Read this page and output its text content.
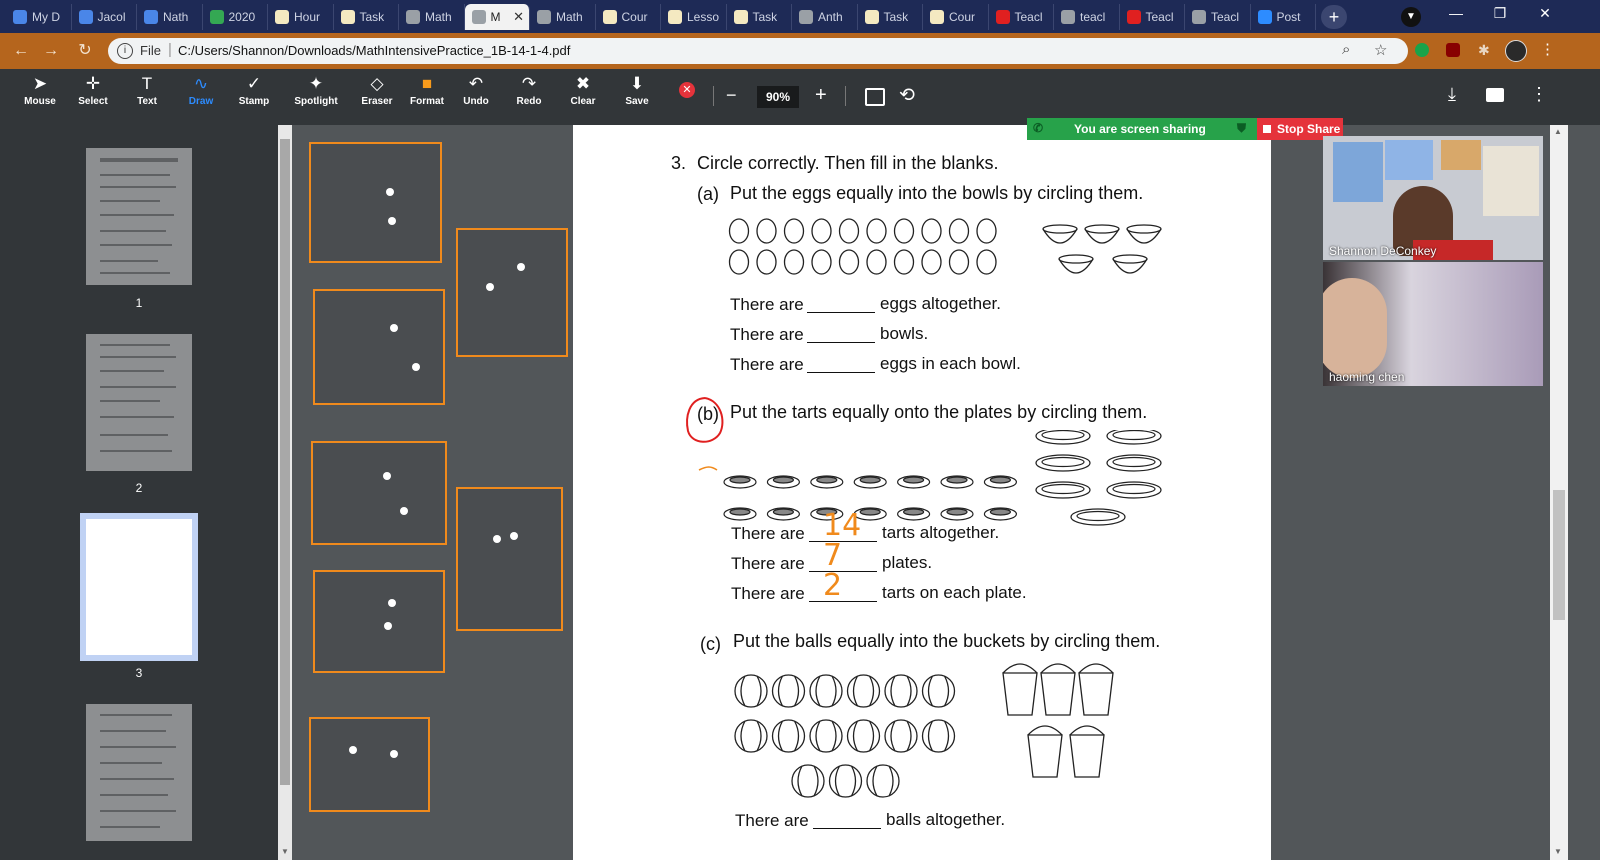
My D	Jacol	Nath	2020	Hour	Task	Math	M ✕	Math	Cour	Lesso	Task	Anth	Task	Cour	Teacl	teacl	Teacl	Teacl	Post	+	▼	—	❐	✕
← → ↻	i	File | C:/Users/Shannon/Downloads/MathIntensivePractice_1B-14-1-4.pdf	⌕ ☆	✱	⋮
➤
Mouse
✛
Select
T
Text
∿
Draw
✓
Stamp
✦
Spotlight
◇
Eraser
■
Format
↶
Undo
↷
Redo
✖
Clear
⬇
Save
✕ −	90%	+	⟲	⤓	⋮
1
2
3
3. Circle correctly. Then fill in the blanks.
(a) Put the eggs equally into the bowls by circling them.
There are	eggs altogether.
There are	bowls.
There are	eggs in each bowl.
(b) Put the tarts equally onto the plates by circling them.
There are 14 tarts altogether.
There are 7 plates.
There are 2 tarts on each plate.
(c) Put the balls equally into the buckets by circling them.
There are	balls altogether.
✆	You are screen sharing	⛊	Stop Share
Shannon DeConkey
haoming chen
▲
▼
▼
